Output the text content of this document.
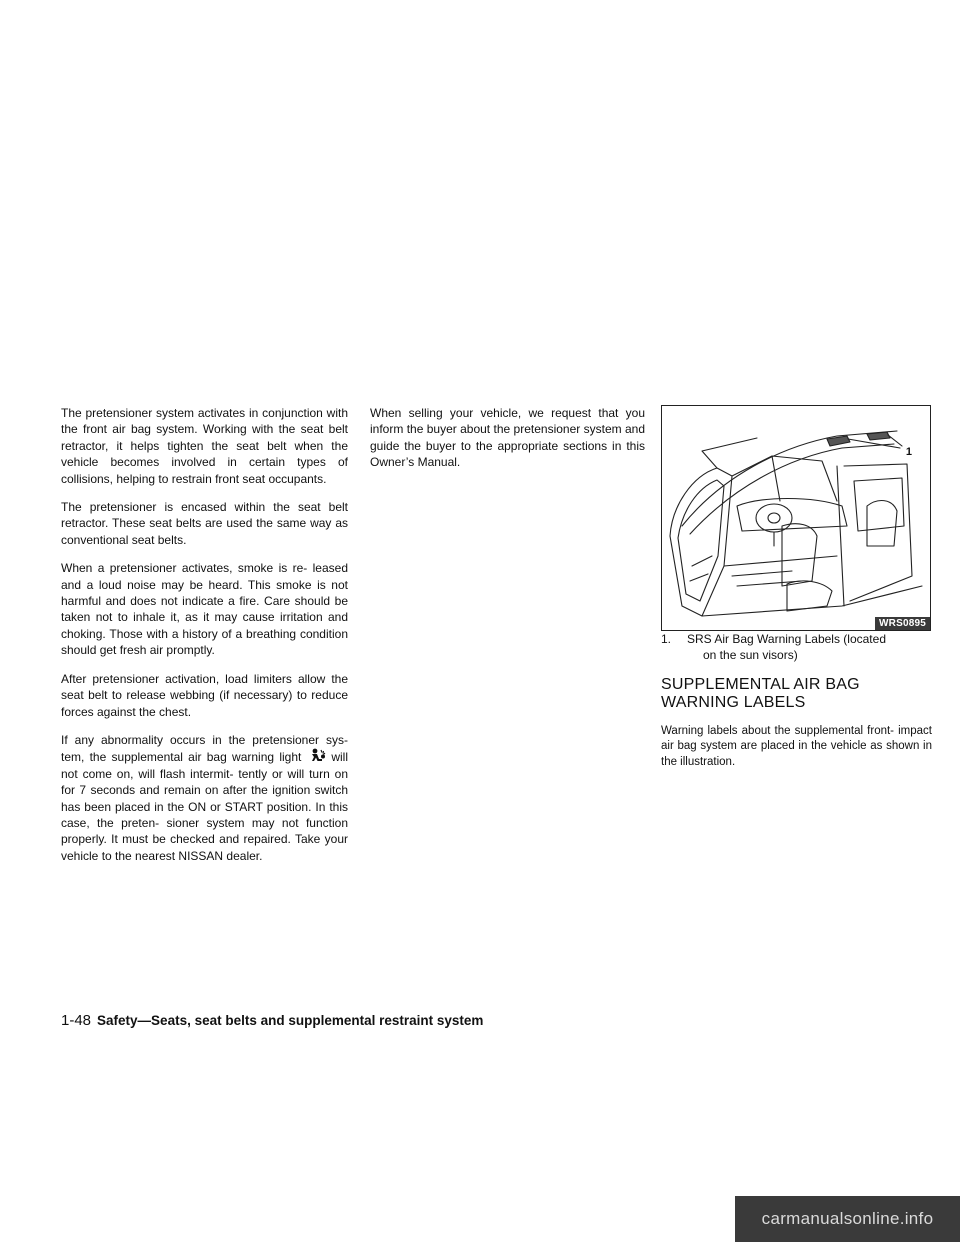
The pretensioner system activates in conjunction with the front air bag system. Working with the seat belt retractor, it helps tighten the seat belt when the vehicle becomes involved in certain types of collisions, helping to restrain front seat occupants.

The pretensioner is encased within the seat belt retractor. These seat belts are used the same way as conventional seat belts.

When a pretensioner activates, smoke is re- leased and a loud noise may be heard. This smoke is not harmful and does not indicate a fire. Care should be taken not to inhale it, as it may cause irritation and choking. Those with a history of a breathing condition should get fresh air promptly.

After pretensioner activation, load limiters allow the seat belt to release webbing (if necessary) to reduce forces against the chest.

If any abnormality occurs in the pretensioner sys- tem, the supplemental air bag warning light	will not come on, will flash intermit- tently or will turn on for 7 seconds and remain on after the ignition switch has been placed in the ON or START position. In this case, the preten- sioner system may not function properly. It must be checked and repaired. Take your vehicle to the nearest NISSAN dealer.

When selling your vehicle, we request that you inform the buyer about the pretensioner system and guide the buyer to the appropriate sections in this Owner’s Manual.

1
WRS0895

1. SRS Air Bag Warning Labels (located
on the sun visors)

SUPPLEMENTAL AIR BAG
WARNING LABELS

Warning labels about the supplemental front- impact air bag system are placed in the vehicle as shown in the illustration.

1-48 Safety—Seats, seat belts and supplemental restraint system
carmanualsonline.info
